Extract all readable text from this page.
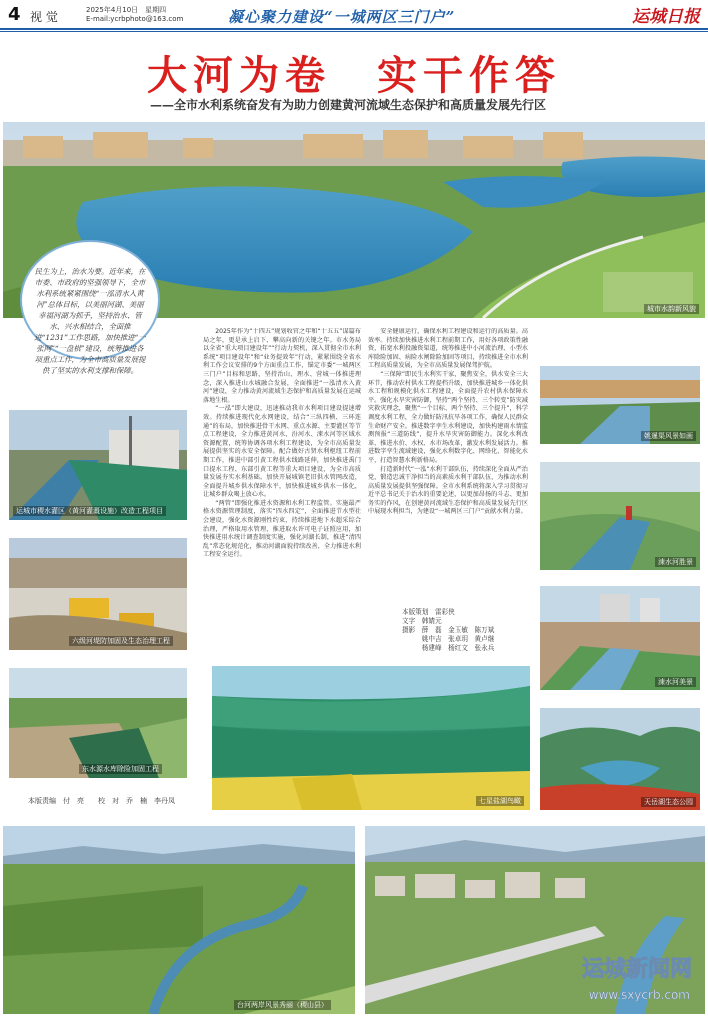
4 视 觉	2025年4月10日　星期四
E-mail:ycrbphoto@163.com	凝心聚力建设“一城两区三门户”	运城日报
大河为卷　实干作答
——全市水利系统奋发有为助力创建黄河流域生态保护和高质量发展先行区
城市水韵新风貌
民生为上，治水为要。近年来，在市委、市政府的坚强领导下，全市水利系统紧紧围绕“一泓清水入黄河”总体目标，以美丽河湖、美丽幸福河湖为抓手，坚持治水、管水、兴水相结合，全面推进“1231”工作思路，加快推进“一张网”“一盘棋”建设，统筹推进各项重点工作，为全市高质量发展提供了坚实的水利支撑和保障。
运城市稷水灌区（黄河灌溉设施）改造工程项目
六级河堤防加固及生态治理工程
东水源水库除险加固工程
2025年作为“十四五”规划收官之年和“十五五”谋篇布局之年，更是承上启下、攀高向新的关键之年。市水务局以全省“重大项目建设年”“行动力契机，深入贯彻全市水利系统“项目建设年”和“业务提效年”行动，紧紧围绕全省水利工作会议安排的9个方面重点工作，锚定市委“一城两区三门户”目标和思路，坚持治山、理水、营城一体推进理念，深入推进山水城融合发展，全面推进“一泓清水入黄河”建设，全力推动黄河流域生态保护和高质量发展在运城落地生根。
“一泓”即大建设，迅速推动我市水利项目建设提速增效。持续推进现代化水网建设，结合“三纵四横、三环连通”的布局，加快推进骨干水网、重点水源、主要灌区等节点工程建设，全力推进黄河水、汾河水、涑水河等区域水资源配置，统筹协调各项水利工程建设，为全市高质量发展提供坚实的水安全保障。配合做好古贤水利枢纽工程前期工作，推进中部引黄工程供水线路延伸，加快推进禹门口提水工程、东部引黄工程等重大项目建设，为全市高质量发展夯实水利基础。加快开展城镇老旧供水管网改造，全面提升城乡供水保障水平，加快推进城乡供水一体化，让城乡群众喝上放心水。
“两管”即强化推进水资源和水利工程监管。实施最严格水资源管理制度，落实“四水四定”，全面推进节水型社会建设，强化水资源刚性约束，持续推进地下水超采综合治理，严格取用水管理，推进取水许可电子证照应用，加快推进用水统计调查制度实施，强化河湖长制，推进“清四乱”常态化规范化，推动河湖面貌持续改善，全力推进水利工程安全运行。
安全健康运行，确保水利工程建设和运行的高质量。高效率。持续加快推进水利工程前期工作，用好各项政策性融资，拓宽水利投融资渠道，统筹推进中小河流治理、小型水库除险加固、病险水闸除险加固等项目，持续推进全市水利工程高质量发展，为全市高质量发展保驾护航。
“三保障”即民生水利实干家，聚焦安全，供水安全三大环节，推动农村供水工程提档升级，加快推进城乡一体化供水工程和规模化供水工程建设，全面提升农村供水保障水平。强化水旱灾害防御，坚持“两个坚持、三个转变”防灾减灾救灾理念，聚焦“一个目标、两个坚持、三个提升”，科学调度水利工程，全力做好防汛抗旱各项工作，确保人民群众生命财产安全。推进数字孪生水利建设，加快构建雨水情监测预报“三道防线”，提升水旱灾害防御能力。深化水利改革，推进水价、水权、水市场改革，激发水利发展活力。推进数字孪生流域建设，强化水利数字化、网络化、智能化水平，打造智慧水利新格局。
打造新时代“一泓”水利干部队伍，持续深化全面从严治党，锻造忠诚干净担当的高素质水利干部队伍，为推动水利高质量发展提供坚强保障。全市水利系统将深入学习贯彻习近平总书记关于治水的重要论述，以更加昂扬的斗志、更加务实的作风，在创建黄河流域生态保护和高质量发展先行区中展现水利担当，为建设“一城两区三门户”贡献水利力量。
本版策划　雷彩侠
文字　韩婧元
摄影　薛　磊　金玉敏　陈万斌
　　　姚中吉　张卓玥　黄卢继
　　　杨建峰　杨红文　张永兵
七星盐湖鸟瞰
姚暹渠风景如画
涑水河胜景
涑水河美景
天岳湖生态公园
本版责编　付　亮　　校　对　乔　楠　李丹凤
台河两岸风景秀丽（稷山县）
运城新闻网
www.sxycrb.com
